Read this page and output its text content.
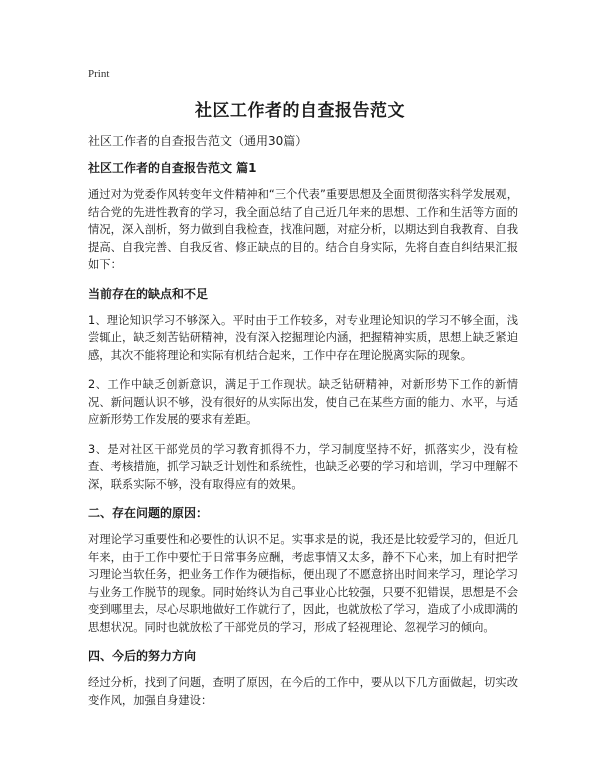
Print
社区工作者的自查报告范文

社区工作者的自查报告范文（通用30篇）

社区工作者的自查报告范文 篇1

通过对为党委作风转变年文件精神和“三个代表”重要思想及全面贯彻落实科学发展观，结合党的先进性教育的学习，我全面总结了自己近几年来的思想、工作和生活等方面的情况，深入剖析，努力做到自我检查，找准问题，对症分析，以期达到自我教育、自我提高、自我完善、自我反省、修正缺点的目的。结合自身实际，先将自查自纠结果汇报如下：

当前存在的缺点和不足

1、理论知识学习不够深入。平时由于工作较多，对专业理论知识的学习不够全面，浅尝辄止，缺乏刻苦钻研精神，没有深入挖掘理论内涵，把握精神实质，思想上缺乏紧迫感，其次不能将理论和实际有机结合起来，工作中存在理论脱离实际的现象。

2、工作中缺乏创新意识，满足于工作现状。缺乏钻研精神，对新形势下工作的新情况、新问题认识不够，没有很好的从实际出发，使自己在某些方面的能力、水平，与适应新形势工作发展的要求有差距。

3、是对社区干部党员的学习教育抓得不力，学习制度坚持不好，抓落实少，没有检查、考核措施，抓学习缺乏计划性和系统性，也缺乏必要的学习和培训，学习中理解不深，联系实际不够，没有取得应有的效果。

二、存在问题的原因：

对理论学习重要性和必要性的认识不足。实事求是的说，我还是比较爱学习的，但近几年来，由于工作中要忙于日常事务应酬，考虑事情又太多，静不下心来，加上有时把学习理论当软任务，把业务工作作为硬指标，便出现了不愿意挤出时间来学习，理论学习与业务工作脱节的现象。同时始终认为自己事业心比较强，只要不犯错误，思想是不会变到哪里去，尽心尽职地做好工作就行了，因此，也就放松了学习，造成了小成即满的思想状况。同时也就放松了干部党员的学习，形成了轻视理论、忽视学习的倾向。

四、今后的努力方向

经过分析，找到了问题，查明了原因，在今后的工作中，要从以下几方面做起，切实改变作风，加强自身建设：
